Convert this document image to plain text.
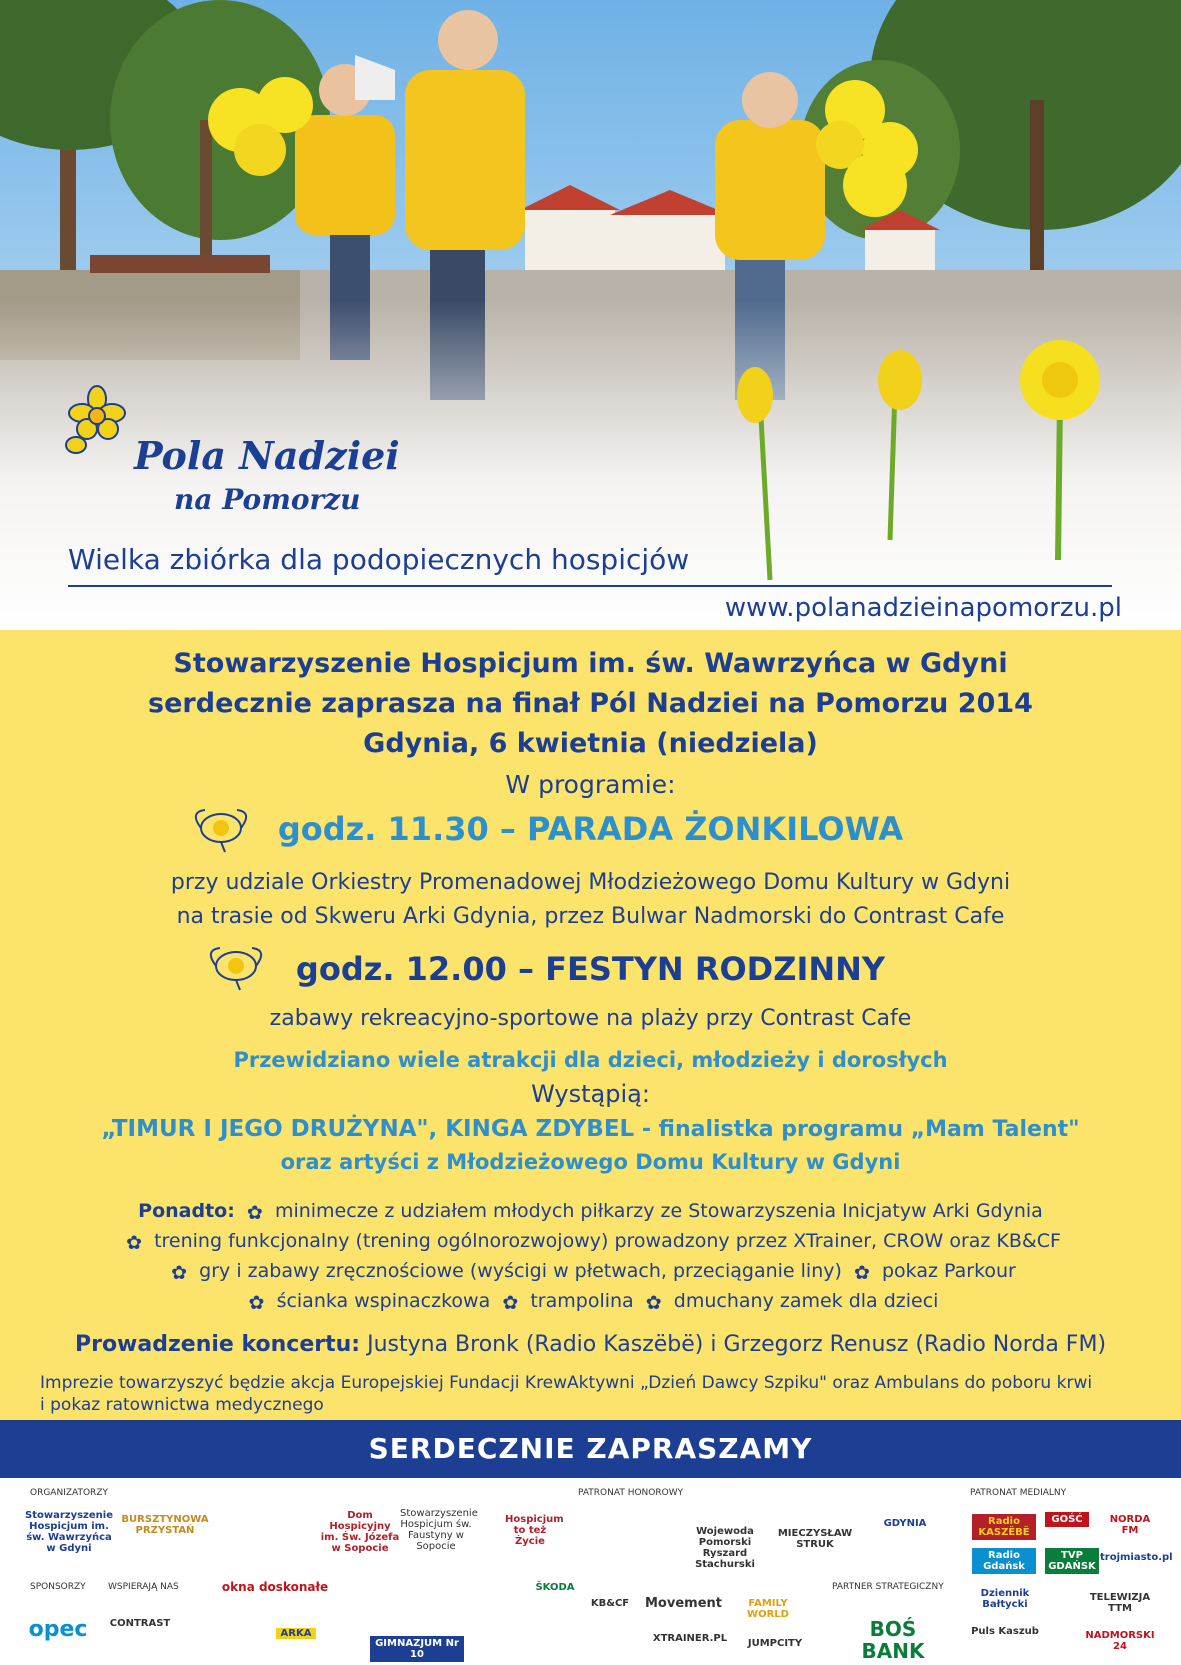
Pola Nadziei
na Pomorzu
Wielka zbiórka dla podopiecznych hospicjów
www.polanadzieinapomorzu.pl
Stowarzyszenie Hospicjum im. św. Wawrzyńca w Gdyni
serdecznie zaprasza na finał Pól Nadziei na Pomorzu 2014
Gdynia, 6 kwietnia (niedziela)
W programie:
godz. 11.30 – PARADA ŻONKILOWA
przy udziale Orkiestry Promenadowej Młodzieżowego Domu Kultury w Gdyni
na trasie od Skweru Arki Gdynia, przez Bulwar Nadmorski do Contrast Cafe
godz. 12.00 – FESTYN RODZINNY
zabawy rekreacyjno-sportowe na plaży przy Contrast Cafe
Przewidziano wiele atrakcji dla dzieci, młodzieży i dorosłych
Wystąpią:
„TIMUR I JEGO DRUŻYNA", KINGA ZDYBEL - finalistka programu „Mam Talent"
oraz artyści z Młodzieżowego Domu Kultury w Gdyni
Ponadto: ✿ minimecze z udziałem młodych piłkarzy ze Stowarzyszenia Inicjatyw Arki Gdynia
✿ trening funkcjonalny (trening ogólnorozwojowy) prowadzony przez XTrainer, CROW oraz KB&CF
✿ gry i zabawy zręcznościowe (wyścigi w płetwach, przeciąganie liny) ✿ pokaz Parkour
✿ ścianka wspinaczkowa ✿ trampolina ✿ dmuchany zamek dla dzieci
Prowadzenie koncertu: Justyna Bronk (Radio Kaszëbë) i Grzegorz Renusz (Radio Norda FM)
Imprezie towarzyszyć będzie akcja Europejskiej Fundacji KrewAktywni „Dzień Dawcy Szpiku" oraz Ambulans do poboru krwi
i pokaz ratownictwa medycznego
SERDECZNIE ZAPRASZAMY
ORGANIZATORZY	PATRONAT HONOROWY	PATRONAT MEDIALNY
Stowarzyszenie Hospicjum im. św. Wawrzyńca w Gdyni
BURSZTYNOWA PRZYSTAŃ
Dom Hospicyjny im. Św. Józefa w Sopocie
Stowarzyszenie Hospicjum św. Faustyny w Sopocie
Hospicjum to też Życie
Wojewoda Pomorski Ryszard Stachurski
MIECZYSŁAW STRUK
GDYNIA	Radio KASZËBË
GOŚĆ	NORDA FM
Radio Gdańsk
TVP GDAŃSK
trojmiasto.pl
Dziennik Bałtycki
TELEWIZJA TTM
Puls Kaszub	NADMORSKI 24
SPONSORZY WSPIERAJĄ NAS	PARTNER STRATEGICZNY
opec	CONTRAST
okna doskonałe	ŠKODA
KB&CF	Movement	FAMILY WORLD
XTRAINER.PL	JUMPCITY
GIMNAZJUM Nr 10
ARKA	BOŚ BANK
